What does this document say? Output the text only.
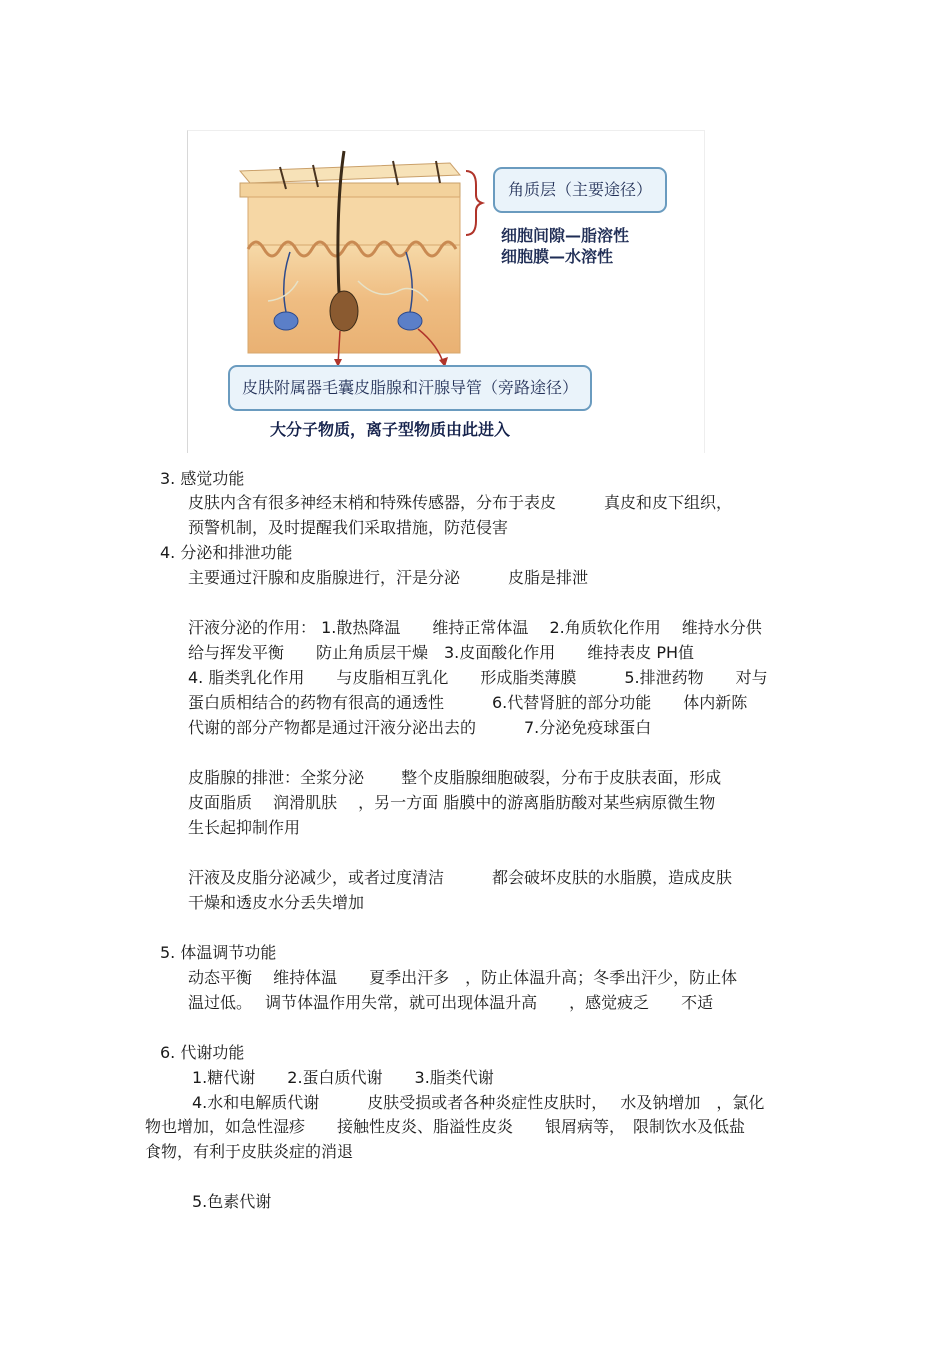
角质层（主要途径）
细胞间隙—脂溶性
细胞膜—水溶性
皮肤附属器毛囊皮脂腺和汗腺导管（旁路途径）
大分子物质，离子型物质由此进入
3. 感觉功能
皮肤内含有很多神经末梢和特殊传感器，分布于表皮　　　真皮和皮下组织，
预警机制，及时提醒我们采取措施，防范侵害
4. 分泌和排泄功能
主要通过汗腺和皮脂腺进行，汗是分泌　　　皮脂是排泄
汗液分泌的作用： 1.散热降温　　维持正常体温　 2.角质软化作用　 维持水分供
给与挥发平衡　　防止角质层干燥　3.皮面酸化作用　　维持表皮 PH值
4. 脂类乳化作用　　与皮脂相互乳化　　形成脂类薄膜　　　5.排泄药物　　对与
蛋白质相结合的药物有很高的通透性　　　6.代替肾脏的部分功能　　体内新陈
代谢的部分产物都是通过汗液分泌出去的　　　7.分泌免疫球蛋白
皮脂腺的排泄：全浆分泌　　 整个皮脂腺细胞破裂，分布于皮肤表面，形成
皮面脂质　 润滑肌肤　 ，另一方面 脂膜中的游离脂肪酸对某些病原微生物
生长起抑制作用
汗液及皮脂分泌减少，或者过度清洁　　　都会破坏皮肤的水脂膜，造成皮肤
干燥和透皮水分丢失增加
5. 体温调节功能
动态平衡　 维持体温　　夏季出汗多　，防止体温升高；冬季出汗少，防止体
温过低。　 调节体温作用失常，就可出现体温升高　　，感觉疲乏　　不适
6. 代谢功能
1.糖代谢　　2.蛋白质代谢　　3.脂类代谢
4.水和电解质代谢　　　皮肤受损或者各种炎症性皮肤时，　 水及钠增加　，氯化
物也增加，如急性湿疹　　接触性皮炎、脂溢性皮炎　　银屑病等，　限制饮水及低盐
食物，有利于皮肤炎症的消退
5.色素代谢
